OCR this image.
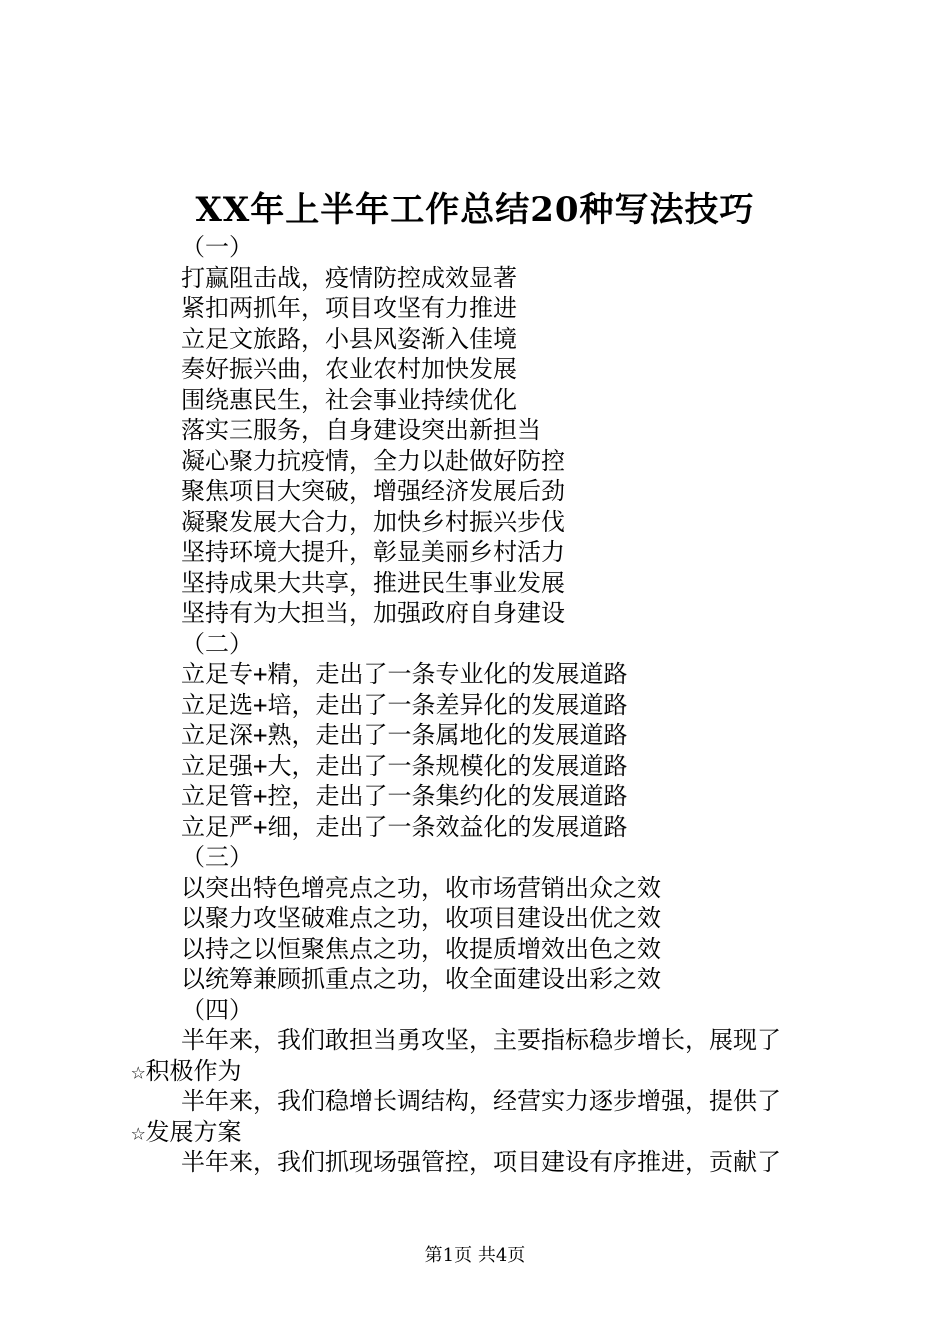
XX年上半年工作总结20种写法技巧
（一）
打赢阻击战，疫情防控成效显著
紧扣两抓年，项目攻坚有力推进
立足文旅路，小县风姿渐入佳境
奏好振兴曲，农业农村加快发展
围绕惠民生，社会事业持续优化
落实三服务，自身建设突出新担当
凝心聚力抗疫情，全力以赴做好防控
聚焦项目大突破，增强经济发展后劲
凝聚发展大合力，加快乡村振兴步伐
坚持环境大提升，彰显美丽乡村活力
坚持成果大共享，推进民生事业发展
坚持有为大担当，加强政府自身建设
（二）
立足专+精，走出了一条专业化的发展道路
立足选+培，走出了一条差异化的发展道路
立足深+熟，走出了一条属地化的发展道路
立足强+大，走出了一条规模化的发展道路
立足管+控，走出了一条集约化的发展道路
立足严+细，走出了一条效益化的发展道路
（三）
以突出特色增亮点之功，收市场营销出众之效
以聚力攻坚破难点之功，收项目建设出优之效
以持之以恒聚焦点之功，收提质增效出色之效
以统筹兼顾抓重点之功，收全面建设出彩之效
（四）
半年来，我们敢担当勇攻坚，主要指标稳步增长，展现了
☆积极作为
半年来，我们稳增长调结构，经营实力逐步增强，提供了
☆发展方案
半年来，我们抓现场强管控，项目建设有序推进，贡献了
第1页 共4页
